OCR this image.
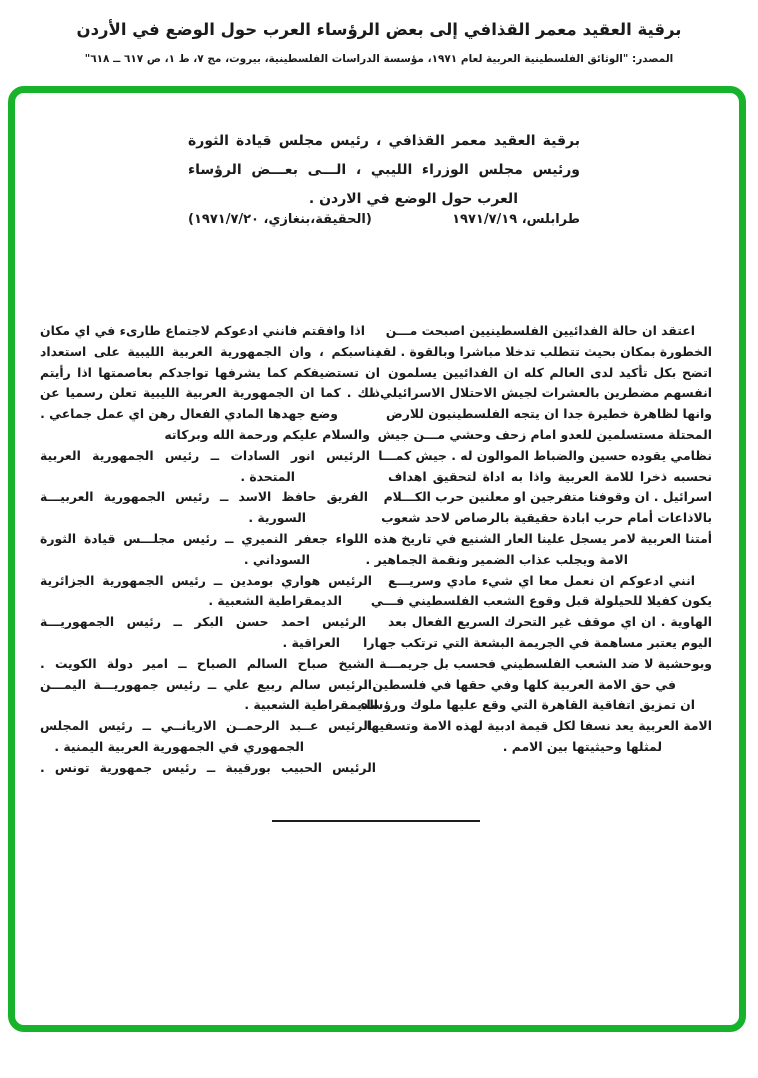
برقية العقيد معمر القذافي إلى بعض الرؤساء العرب حول الوضع في الأردن
المصدر: "الوثائق الفلسطينية العربية لعام ١٩٧١، مؤسسة الدراسات الفلسطينية، بيروت، مج ٧، ط ١، ص ٦١٧ ــ ٦١٨"
برقية العقيد معمر القذافي ، رئيس مجلس قيادة الثورة
ورئيس مجلس الوزراء الليبي ، الـــى بعـــض الرؤساء
العرب حول الوضع في الاردن .
طرابلس، ١٩٧١/٧/١٩
(الحقيقة،بنغازي، ١٩٧١/٧/٢٠)
اعتقد ان حالة الفدائيين الفلسطينيين اصبحت مـــن
الخطورة بمكان بحيث تتطلب تدخلا مباشرا وبالقوة . لقد
اتضح بكل تأكيد لدى العالم كله ان الفدائيين يسلمون
انفسهم مضطرين بالعشرات لجيش الاحتلال الاسرائيلي ،
وانها لظاهرة خطيرة جدا ان يتجه الفلسطينيون للارض
المحتلة مستسلمين للعدو امام زحف وحشي مـــن جيش
نظامي يقوده حسين والضباط الموالون له . جيش كمـــا
نحسبه ذخرا للامة العربية واذا به اداة لتحقيق اهداف
اسرائيل . ان وقوفنا متفرجين او معلنين حرب الكـــلام
بالاذاعات أمام حرب ابادة حقيقية بالرصاص لاحد شعوب
أمتنا العربية لامر يسجل علينا العار الشنيع في تاريخ هذه
الامة ويجلب عذاب الضمير ونقمة الجماهير .
انني ادعوكم ان نعمل معا اي شيء مادي وسريـــع
يكون كفيلا للحيلولة قبل وقوع الشعب الفلسطيني فـــي
الهاوية . ان اي موقف غير التحرك السريع الفعال بعد
اليوم يعتبر مساهمة في الجريمة البشعة التي ترتكب جهارا
وبوحشية لا ضد الشعب الفلسطيني فحسب بل جريمـــة
في حق الامة العربية كلها وفي حقها في فلسطين .
ان تمزيق اتفاقية القاهرة التي وقع عليها ملوك ورؤساء
الامة العربية يعد نسفا لكل قيمة ادبية لهذه الامة وتسفيها
لمثلها وحيثيتها بين الامم .
اذا وافقتم فانني ادعوكم لاجتماع طارىء في اي مكان
يناسبكم ، وان الجمهورية العربية الليبية على استعداد
ان تستضيفكم كما يشرفها تواجدكم بعاصمتها اذا رأيتم
ذلك . كما ان الجمهورية العربية الليبية تعلن رسميا عن
وضع جهدها المادي الفعال رهن اي عمل جماعي .
والسلام عليكم ورحمة الله وبركاته
الرئيس انور السادات ــ رئيس الجمهورية العربية
المتحدة .
الفريق حافظ الاسد ــ رئيس الجمهورية العربيـــة
السورية .
اللواء جعفر النميري ــ رئيس مجلـــس قيادة الثورة
السوداني .
الرئيس هواري بومدين ــ رئيس الجمهورية الجزائرية
الديمقراطية الشعبية .
الرئيس احمد حسن البكر ــ رئيس الجمهوريـــة
العراقية .
الشيخ صباح السالم الصباح ــ امير دولة الكويت .
الرئيس سالم ربيع علي ــ رئيس جمهوريـــة اليمـــن
الديمقراطية الشعبية .
الرئيس عــبد الرحمــن الاريانــي ــ رئيس المجلس
الجمهوري في الجمهورية العربية اليمنية .
الرئيس الحبيب بورقيبة ــ رئيس جمهورية تونس .
